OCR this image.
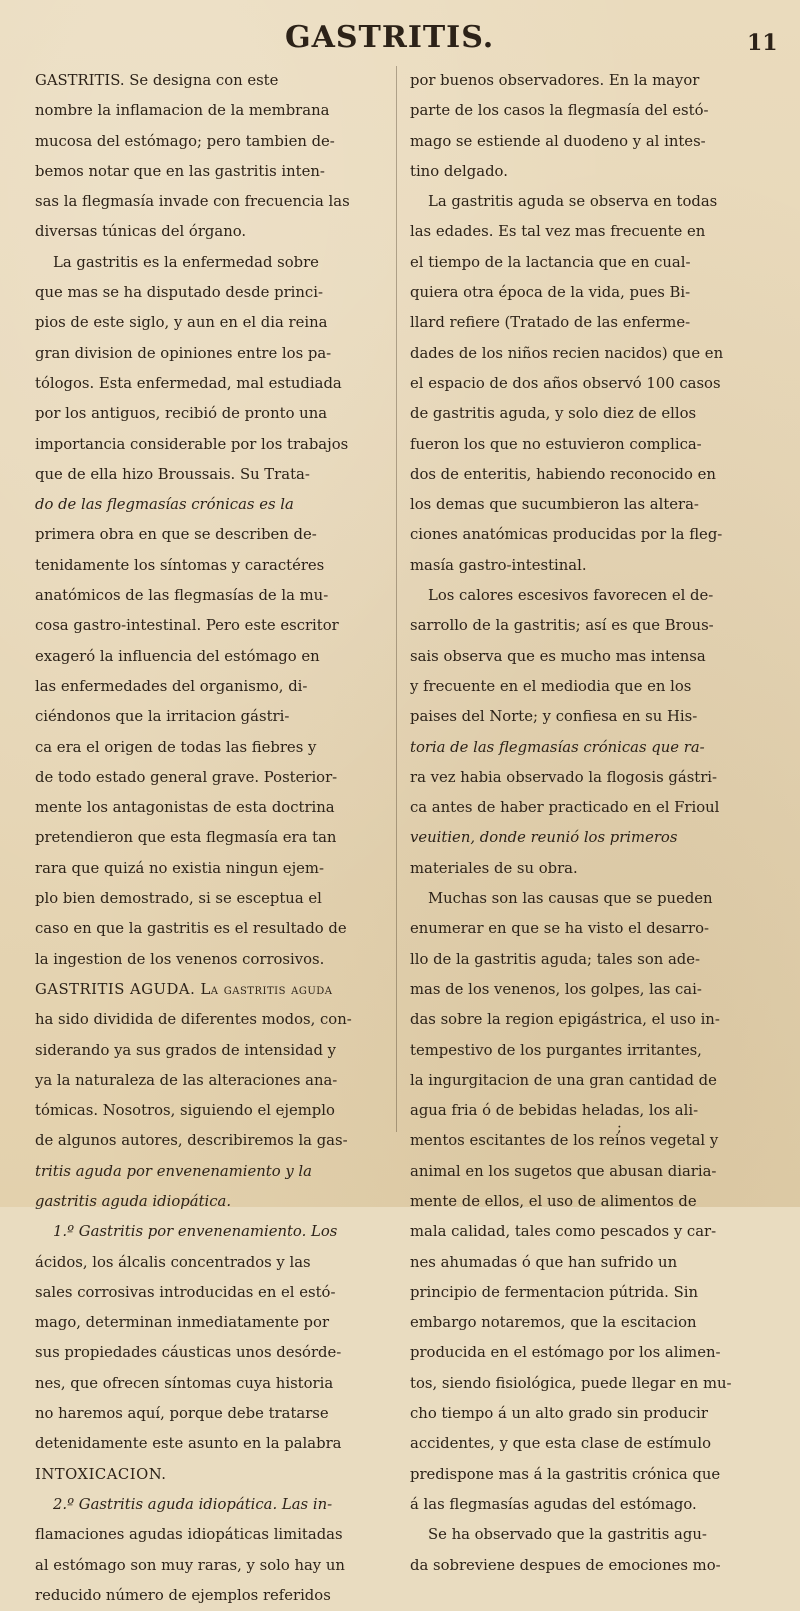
GASTRITIS.	11
GASTRITIS. Se designa con este
nombre la inflamacion de la membrana
mucosa del estómago; pero tambien de-
bemos notar que en las gastritis inten-
sas la flegmasía invade con frecuencia las
diversas túnicas del órgano.
La gastritis es la enfermedad sobre
que mas se ha disputado desde princi-
pios de este siglo, y aun en el dia reina
gran division de opiniones entre los pa-
tólogos. Esta enfermedad, mal estudiada
por los antiguos, recibió de pronto una
importancia considerable por los trabajos
que de ella hizo Broussais. Su Trata-
do de las flegmasías crónicas es la
primera obra en que se describen de-
tenidamente los síntomas y caractéres
anatómicos de las flegmasías de la mu-
cosa gastro-intestinal. Pero este escritor
exageró la influencia del estómago en
las enfermedades del organismo, di-
ciéndonos que la irritacion gástri-
ca era el origen de todas las fiebres y
de todo estado general grave. Posterior-
mente los antagonistas de esta doctrina
pretendieron que esta flegmasía era tan
rara que quizá no existia ningun ejem-
plo bien demostrado, si se esceptua el
caso en que la gastritis es el resultado de
la ingestion de los venenos corrosivos.
GASTRITIS AGUDA. La gastritis aguda
ha sido dividida de diferentes modos, con-
siderando ya sus grados de intensidad y
ya la naturaleza de las alteraciones ana-
tómicas. Nosotros, siguiendo el ejemplo
de algunos autores, describiremos la gas-
tritis aguda por envenenamiento y la
gastritis aguda idiopática.
1.º Gastritis por envenenamiento. Los
ácidos, los álcalis concentrados y las
sales corrosivas introducidas en el estó-
mago, determinan inmediatamente por
sus propiedades cáusticas unos desórde-
nes, que ofrecen síntomas cuya historia
no haremos aquí, porque debe tratarse
detenidamente este asunto en la palabra
INTOXICACION.
2.º Gastritis aguda idiopática. Las in-
flamaciones agudas idiopáticas limitadas
al estómago son muy raras, y solo hay un
reducido número de ejemplos referidos
por buenos observadores. En la mayor
parte de los casos la flegmasía del estó-
mago se estiende al duodeno y al intes-
tino delgado.
La gastritis aguda se observa en todas
las edades. Es tal vez mas frecuente en
el tiempo de la lactancia que en cual-
quiera otra época de la vida, pues Bi-
llard refiere (Tratado de las enferme-
dades de los niños recien nacidos) que en
el espacio de dos años observó 100 casos
de gastritis aguda, y solo diez de ellos
fueron los que no estuvieron complica-
dos de enteritis, habiendo reconocido en
los demas que sucumbieron las altera-
ciones anatómicas producidas por la fleg-
masía gastro-intestinal.
Los calores escesivos favorecen el de-
sarrollo de la gastritis; así es que Brous-
sais observa que es mucho mas intensa
y frecuente en el mediodia que en los
paises del Norte; y confiesa en su His-
toria de las flegmasías crónicas que ra-
ra vez habia observado la flogosis gástri-
ca antes de haber practicado en el Frioul
veuitien, donde reunió los primeros
materiales de su obra.
Muchas son las causas que se pueden
enumerar en que se ha visto el desarro-
llo de la gastritis aguda; tales son ade-
mas de los venenos, los golpes, las cai-
das sobre la region epigástrica, el uso in-
tempestivo de los purgantes irritantes,
la ingurgitacion de una gran cantidad de
agua fria ó de bebidas heladas, los ali-
mentos escitantes de los reinos vegetal y
animal en los sugetos que abusan diaria-
mente de ellos, el uso de alimentos de
mala calidad, tales como pescados y car-
nes ahumadas ó que han sufrido un
principio de fermentacion pútrida. Sin
embargo notaremos, que la escitacion
producida en el estómago por los alimen-
tos, siendo fisiológica, puede llegar en mu-
cho tiempo á un alto grado sin producir
accidentes, y que esta clase de estímulo
predispone mas á la gastritis crónica que
á las flegmasías agudas del estómago.
Se ha observado que la gastritis agu-
da sobreviene despues de emociones mo-
;
